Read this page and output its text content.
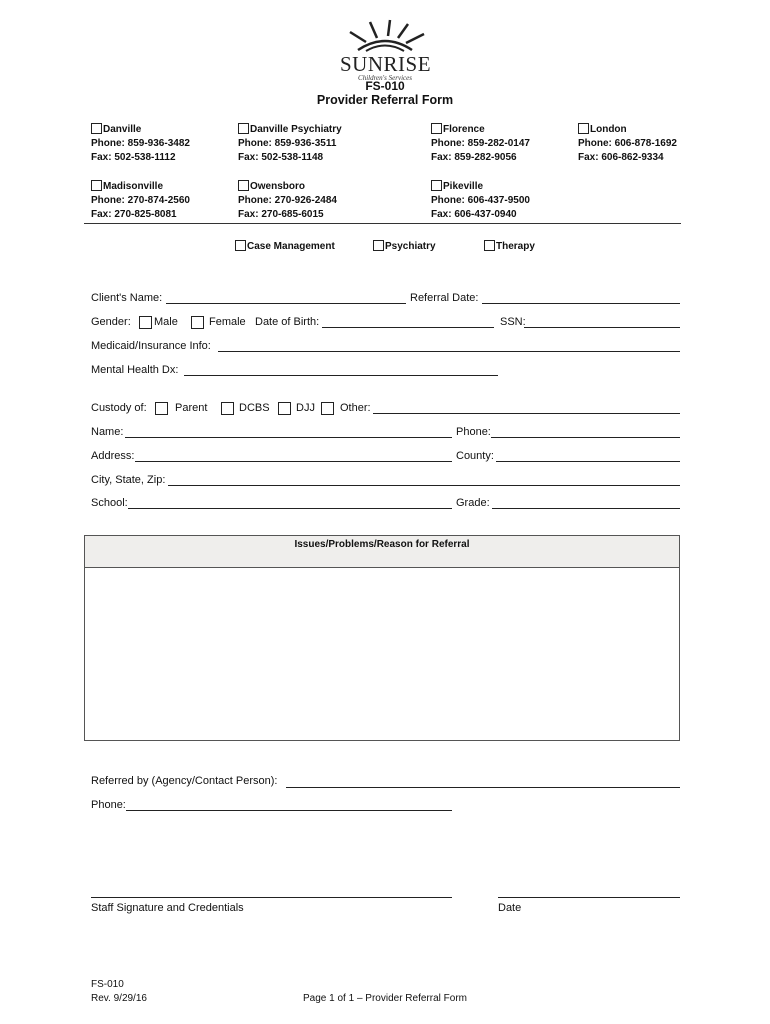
SUNRISE
Children's Services
FS-010
Provider Referral Form
Danville
Phone: 859-936-3482
Fax: 502-538-1112
Danville Psychiatry
Phone: 859-936-3511
Fax: 502-538-1148
Florence
Phone: 859-282-0147
Fax: 859-282-9056
London
Phone: 606-878-1692
Fax: 606-862-9334
Madisonville
Phone: 270-874-2560
Fax: 270-825-8081
Owensboro
Phone: 270-926-2484
Fax: 270-685-6015
Pikeville
Phone: 606-437-9500
Fax: 606-437-0940
Case Management	Psychiatry	Therapy
Client's Name:	Referral Date:
Gender: Male	Female Date of Birth:	SSN:
Medicaid/Insurance Info:
Mental Health Dx:
Custody of:	Parent	DCBS DJJ Other:
Name:	Phone:
Address:	County:
City, State, Zip:
School:	Grade:
Issues/Problems/Reason for Referral
Referred by (Agency/Contact Person):
Phone:
Staff Signature and Credentials	Date
FS-010
Rev. 9/29/16	Page 1 of 1 – Provider Referral Form
